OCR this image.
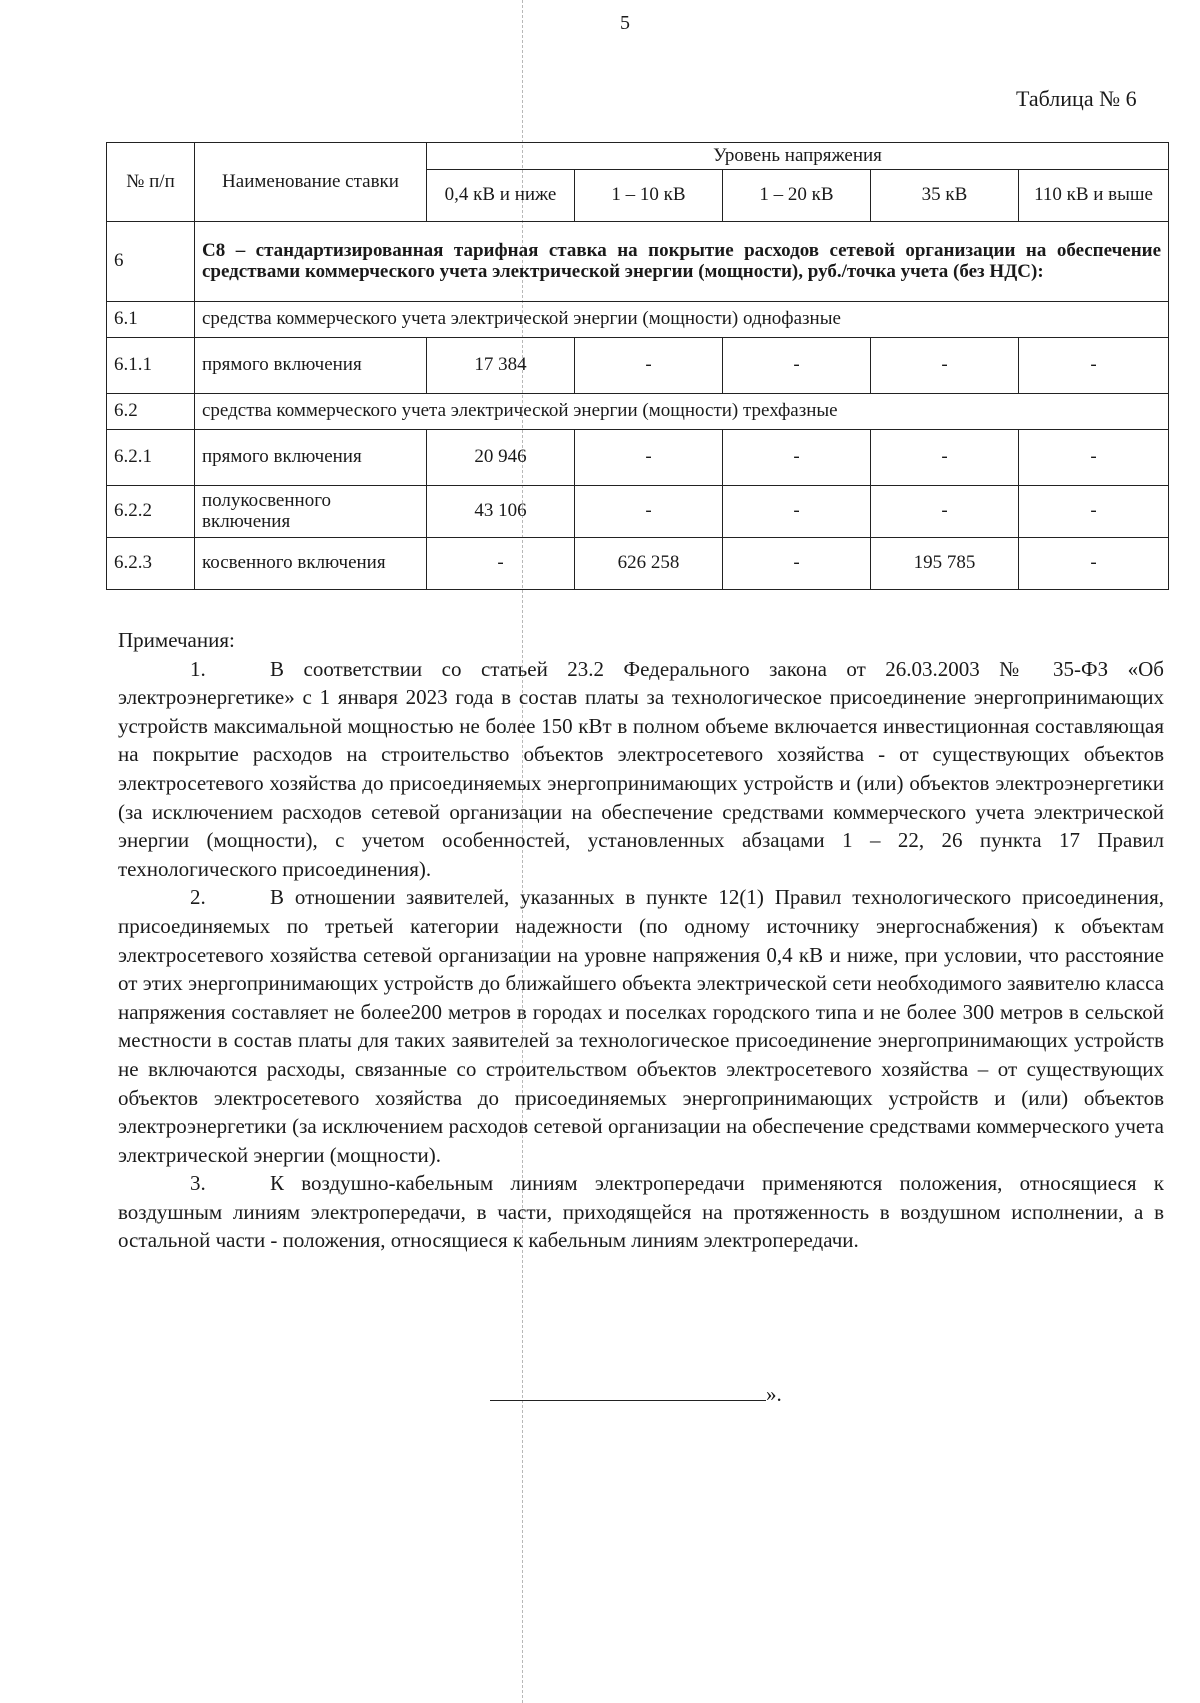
5
Таблица № 6
№ п/п	Наименование ставки	Уровень напряжения				
		0,4 кВ и ниже	1 – 10 кВ	1 – 20 кВ	35 кВ	110 кВ и выше
6	С8 – стандартизированная тарифная ставка на покрытие расходов сетевой организации на обеспечение средствами коммерческого учета электрической энергии (мощности), руб./точка учета (без НДС):					
6.1	средства коммерческого учета электрической энергии (мощности) однофазные					
6.1.1	прямого включения	17 384	-	-	-	-
6.2	средства коммерческого учета электрической энергии (мощности) трехфазные					
6.2.1	прямого включения	20 946	-	-	-	-
6.2.2	полукосвенного включения	43 106	-	-	-	-
6.2.3	косвенного включения	-	626 258	-	195 785	-

Примечания:

1.	В соответствии со статьей 23.2 Федерального закона от 26.03.2003 № 35-ФЗ «Об электроэнергетике» с 1 января 2023 года в состав платы за технологическое присоединение энергопринимающих устройств максимальной мощностью не более 150 кВт в полном объеме включается инвестиционная составляющая на покрытие расходов на строительство объектов электросетевого хозяйства - от существующих объектов электросетевого хозяйства до присоединяемых энергопринимающих устройств и (или) объектов электроэнергетики (за исключением расходов сетевой организации на обеспечение средствами коммерческого учета электрической энергии (мощности), с учетом особенностей, установленных абзацами 1 – 22, 26 пункта 17 Правил технологического присоединения).

2.	В отношении заявителей, указанных в пункте 12(1) Правил технологического присоединения, присоединяемых по третьей категории надежности (по одному источнику энергоснабжения) к объектам электросетевого хозяйства сетевой организации на уровне напряжения 0,4 кВ и ниже, при условии, что расстояние от этих энергопринимающих устройств до ближайшего объекта электрической сети необходимого заявителю класса напряжения составляет не более200 метров в городах и поселках городского типа и не более 300 метров в сельской местности в состав платы для таких заявителей за технологическое присоединение энергопринимающих устройств не включаются расходы, связанные со строительством объектов электросетевого хозяйства – от существующих объектов электросетевого хозяйства до присоединяемых энергопринимающих устройств и (или) объектов электроэнергетики (за исключением расходов сетевой организации на обеспечение средствами коммерческого учета электрической энергии (мощности).

3.	К воздушно-кабельным линиям электропередачи применяются положения, относящиеся к воздушным линиям электропередачи, в части, приходящейся на протяженность в воздушном исполнении, а в остальной части - положения, относящиеся к кабельным линиям электропередачи.

».
